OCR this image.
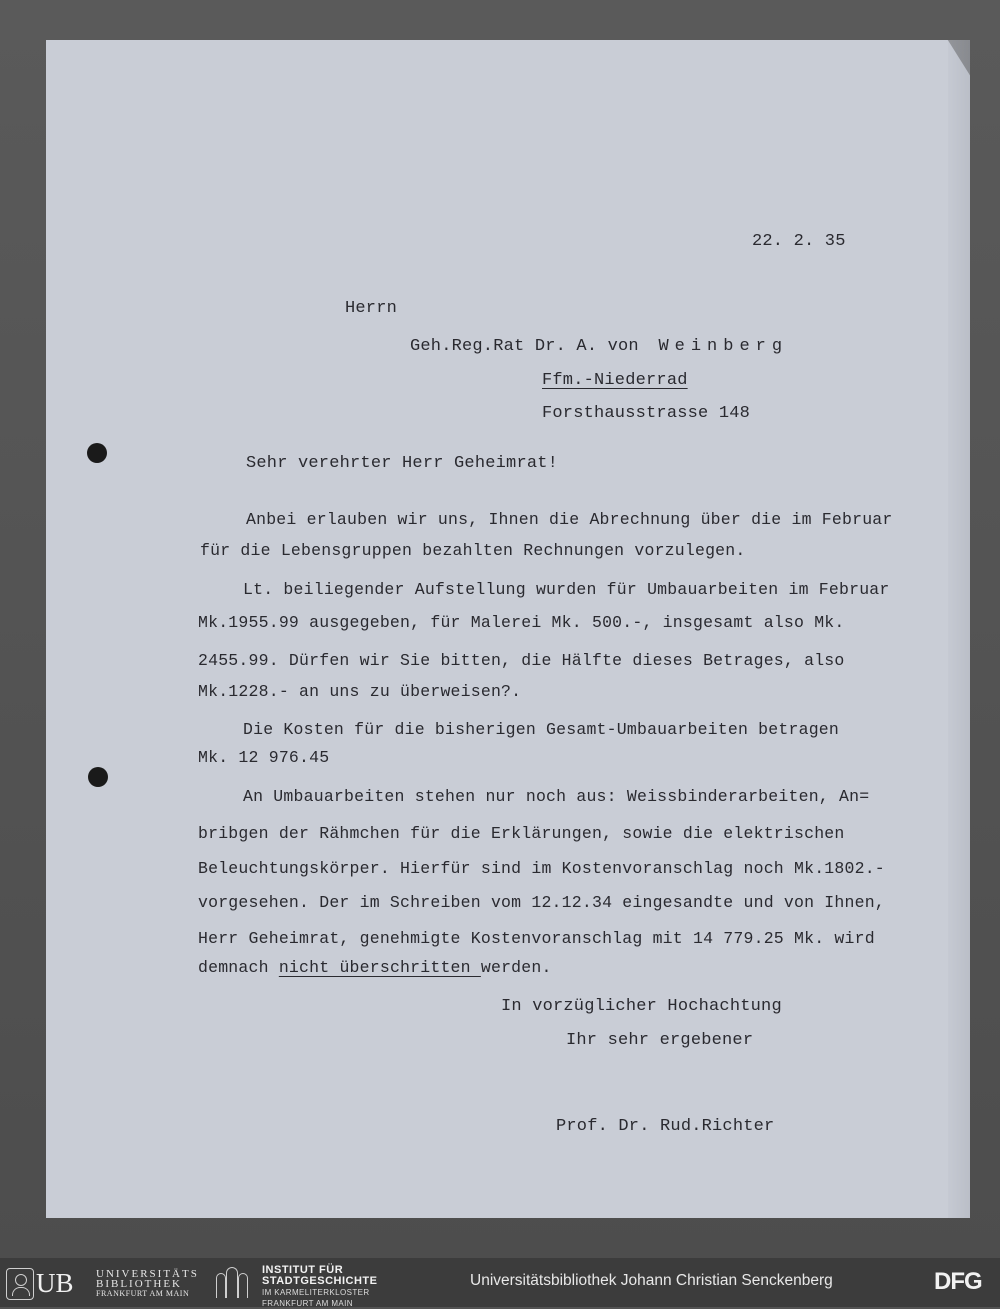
22. 2. 35
Herrn
Geh.Reg.Rat Dr. A. von Weinberg
Ffm.-Niederrad
Forsthausstrasse 148
Sehr verehrter Herr Geheimrat!
Anbei erlauben wir uns, Ihnen die Abrechnung über die im Februar
für die Lebensgruppen bezahlten Rechnungen vorzulegen.
Lt. beiliegender Aufstellung wurden für Umbauarbeiten im Februar
Mk.1955.99 ausgegeben, für Malerei Mk. 500.-, insgesamt also Mk.
2455.99. Dürfen wir Sie bitten, die Hälfte dieses Betrages, also
Mk.1228.- an uns zu überweisen?.
Die Kosten für die bisherigen Gesamt-Umbauarbeiten betragen
Mk. 12 976.45
An Umbauarbeiten stehen nur noch aus: Weissbinderarbeiten, An=
bribgen der Rähmchen für die Erklärungen, sowie die elektrischen
Beleuchtungskörper. Hierfür sind im Kostenvoranschlag noch Mk.1802.-
vorgesehen. Der im Schreiben vom 12.12.34 eingesandte und von Ihnen,
Herr Geheimrat, genehmigte Kostenvoranschlag mit 14 779.25 Mk. wird
demnach nicht überschritten werden.
In vorzüglicher Hochachtung
Ihr sehr ergebener
Prof. Dr. Rud.Richter
UB UNIVERSITÄTS
BIBLIOTHEK
FRANKFURT AM MAIN
INSTITUT FÜR
STADTGESCHICHTE
IM KARMELITERKLOSTER
FRANKFURT AM MAIN
Universitätsbibliothek Johann Christian Senckenberg	DFG
